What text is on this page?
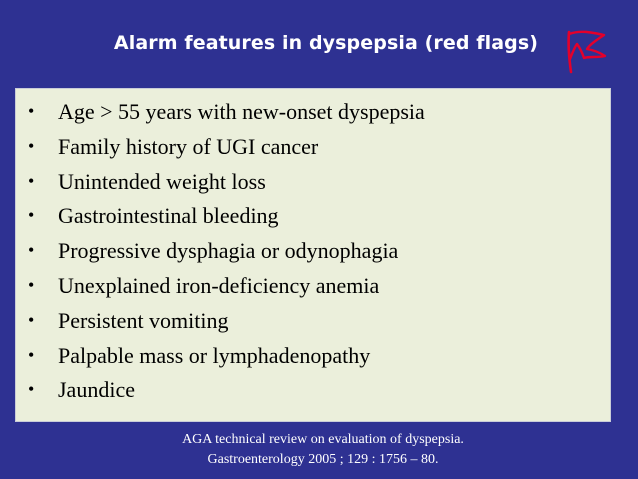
Alarm features in dyspepsia (red flags)
•	Age > 55 years with new-onset dyspepsia
•	Family history of UGI cancer
•	Unintended weight loss
•	Gastrointestinal bleeding
•	Progressive dysphagia or odynophagia
•	Unexplained iron-deficiency anemia
•	Persistent vomiting
•	Palpable mass or lymphadenopathy
•	Jaundice
AGA technical review on evaluation of dyspepsia.
Gastroenterology 2005 ; 129 : 1756 – 80.
